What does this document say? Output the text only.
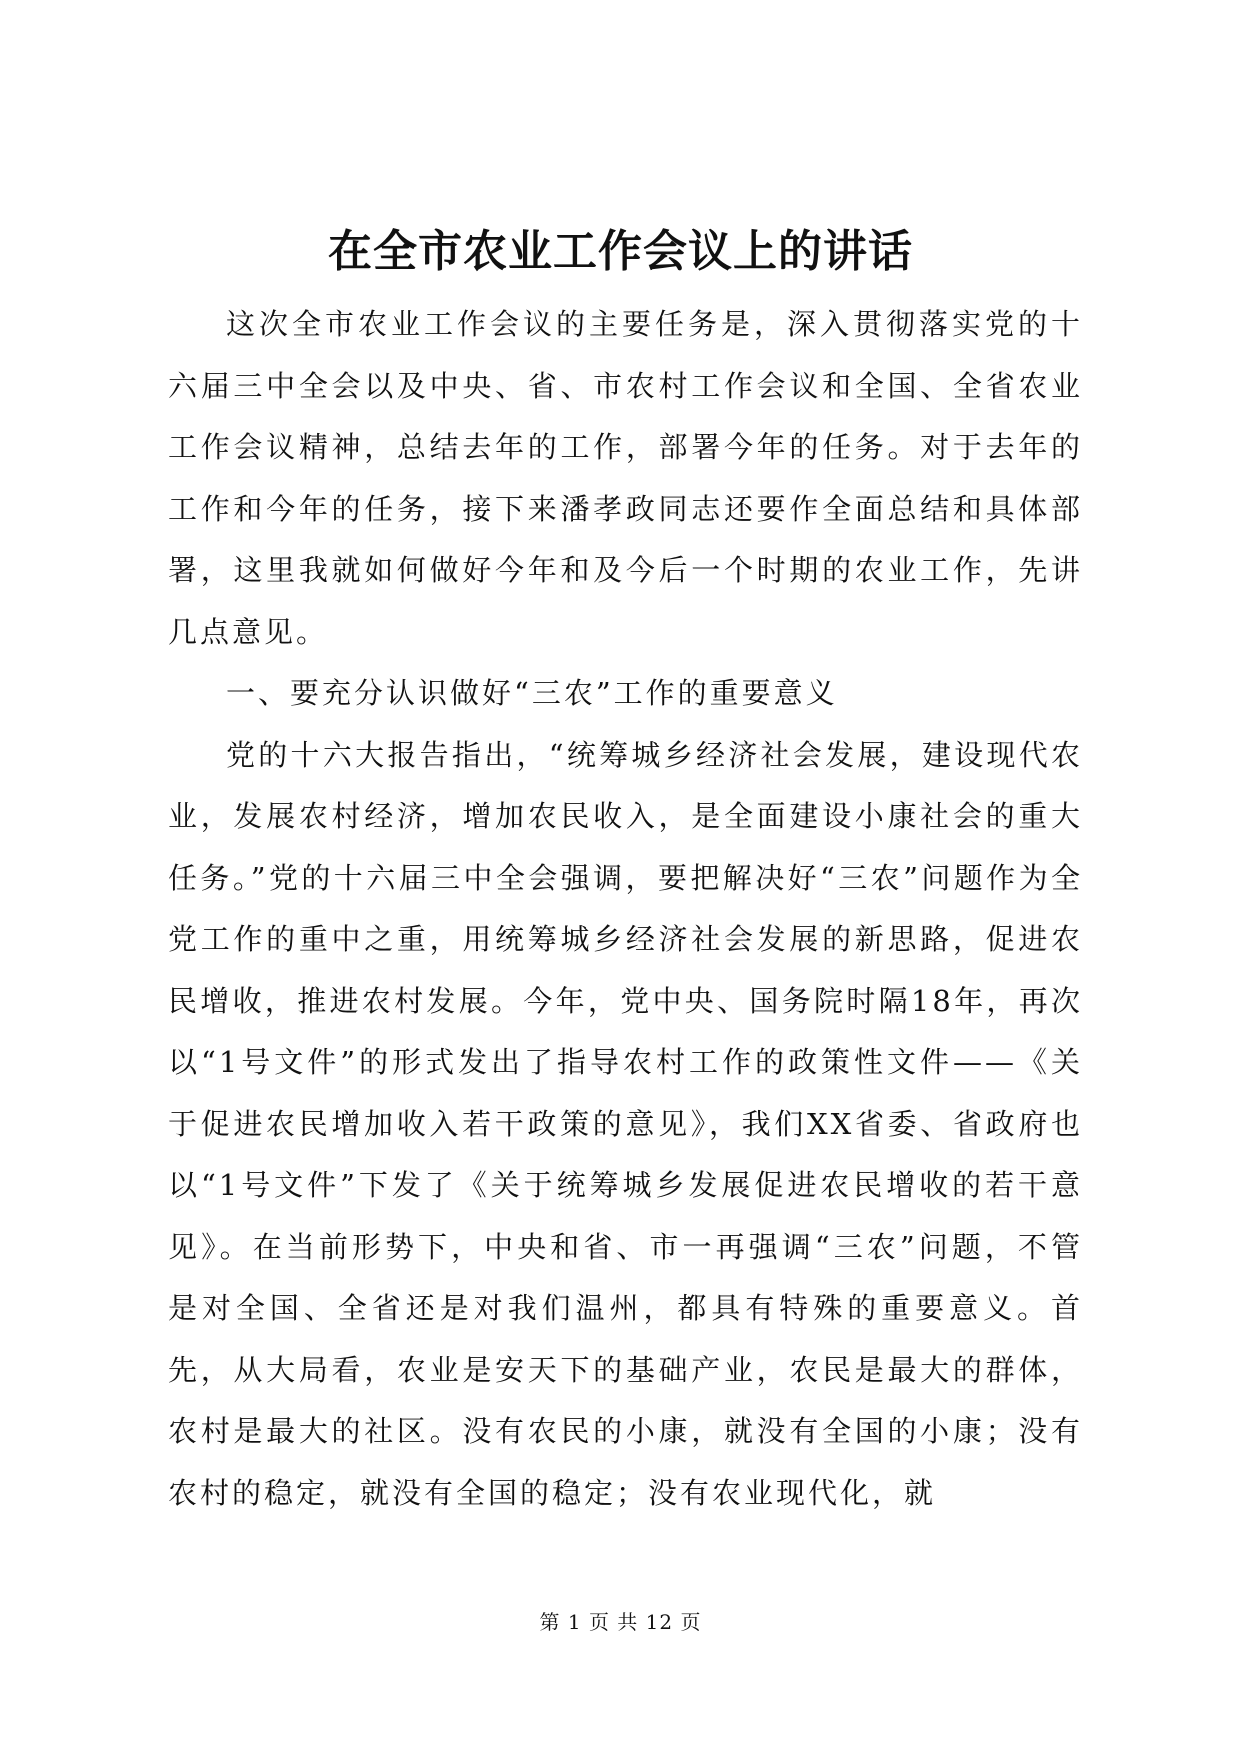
在全市农业工作会议上的讲话

这次全市农业工作会议的主要任务是，深入贯彻落实党的十六届三中全会以及中央、省、市农村工作会议和全国、全省农业工作会议精神，总结去年的工作，部署今年的任务。对于去年的工作和今年的任务，接下来潘孝政同志还要作全面总结和具体部署，这里我就如何做好今年和及今后一个时期的农业工作，先讲几点意见。

一、要充分认识做好“三农”工作的重要意义

党的十六大报告指出，“统筹城乡经济社会发展，建设现代农业，发展农村经济，增加农民收入，是全面建设小康社会的重大任务。”党的十六届三中全会强调，要把解决好“三农”问题作为全党工作的重中之重，用统筹城乡经济社会发展的新思路，促进农民增收，推进农村发展。今年，党中央、国务院时隔18年，再次以“1号文件”的形式发出了指导农村工作的政策性文件——《关于促进农民增加收入若干政策的意见》，我们XX省委、省政府也以“1号文件”下发了《关于统筹城乡发展促进农民增收的若干意见》。在当前形势下，中央和省、市一再强调“三农”问题，不管是对全国、全省还是对我们温州，都具有特殊的重要意义。首先，从大局看，农业是安天下的基础产业，农民是最大的群体，农村是最大的社区。没有农民的小康，就没有全国的小康；没有农村的稳定，就没有全国的稳定；没有农业现代化，就

第 1 页 共 12 页
